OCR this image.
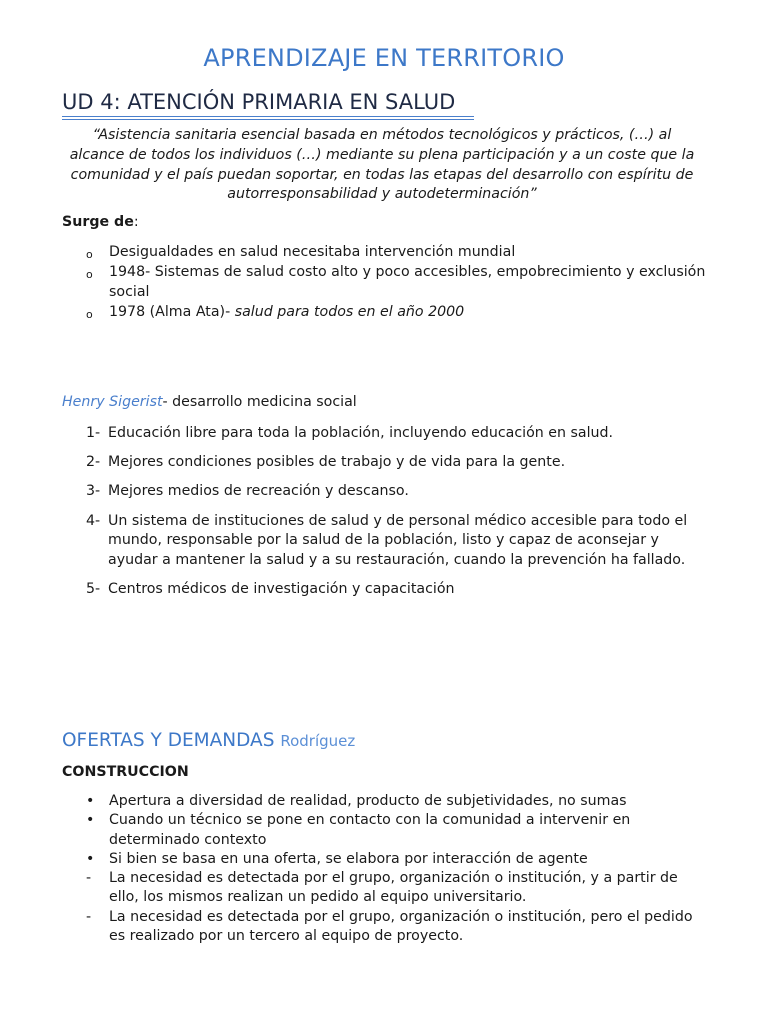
APRENDIZAJE EN TERRITORIO
UD 4: ATENCIÓN PRIMARIA EN SALUD
“Asistencia sanitaria esencial basada en métodos tecnológicos y prácticos, (…) al alcance de todos los individuos (…) mediante su plena participación y a un coste que la comunidad y el país puedan soportar, en todas las etapas del desarrollo con espíritu de autorresponsabilidad y autodeterminación”
Surge de:
o Desigualdades en salud necesitaba intervención mundial
o 1948- Sistemas de salud costo alto y poco accesibles, empobrecimiento y exclusión social
o 1978 (Alma Ata)- salud para todos en el año 2000
Henry Sigerist- desarrollo medicina social
1- Educación libre para toda la población, incluyendo educación en salud.
2- Mejores condiciones posibles de trabajo y de vida para la gente.
3- Mejores medios de recreación y descanso.
4- Un sistema de instituciones de salud y de personal médico accesible para todo el mundo, responsable por la salud de la población, listo y capaz de aconsejar y ayudar a mantener la salud y a su restauración, cuando la prevención ha fallado.
5- Centros médicos de investigación y capacitación
OFERTAS Y DEMANDAS Rodríguez
CONSTRUCCION
• Apertura a diversidad de realidad, producto de subjetividades, no sumas
• Cuando un técnico se pone en contacto con la comunidad a intervenir en determinado contexto
• Si bien se basa en una oferta, se elabora por interacción de agente
- La necesidad es detectada por el grupo, organización o institución, y a partir de ello, los mismos realizan un pedido al equipo universitario.
- La necesidad es detectada por el grupo, organización o institución, pero el pedido es realizado por un tercero al equipo de proyecto.
